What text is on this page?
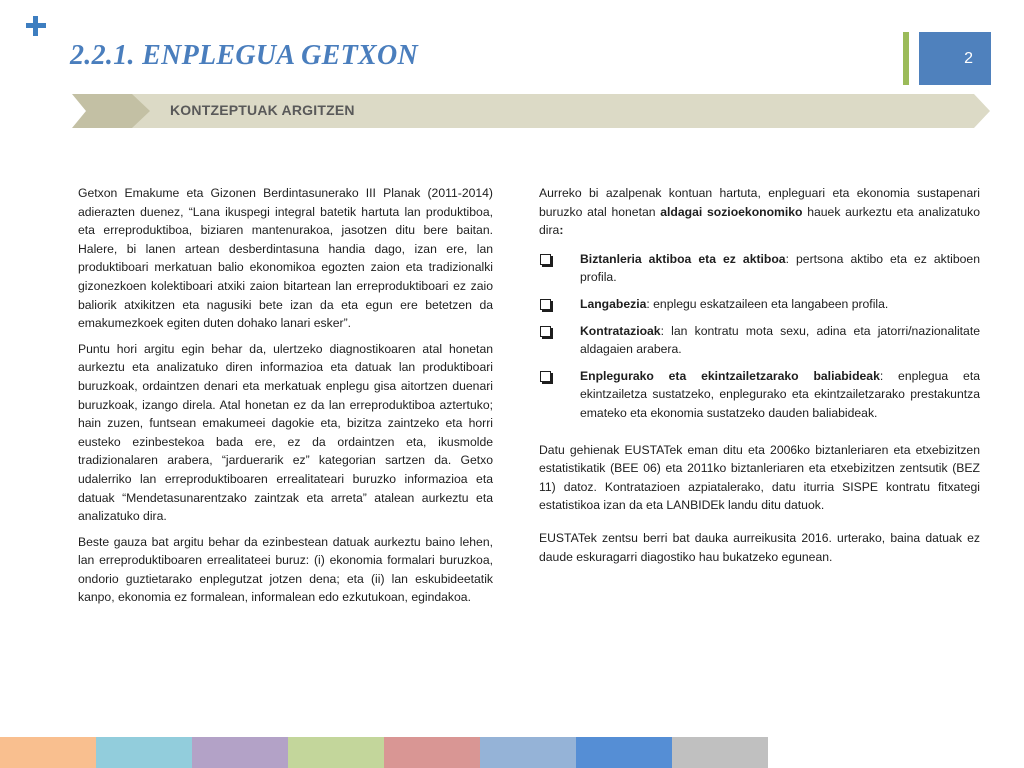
2.2.1. ENPLEGUA GETXON	2
KONTZEPTUAK ARGITZEN

Getxon Emakume eta Gizonen Berdintasunerako III Planak (2011-2014) adierazten duenez, “Lana ikuspegi integral batetik hartuta lan produktiboa, eta erreproduktiboa, biziaren mantenurakoa, jasotzen ditu bere baitan. Halere, bi lanen artean desberdintasuna handia dago, izan ere, lan produktiboari merkatuan balio ekonomikoa egozten zaion eta tradizionalki gizonezkoen kolektiboari atxiki zaion bitartean lan erreproduktiboari ez zaio baliorik atxikitzen eta nagusiki bete izan da eta egun ere betetzen da emakumezkoek egiten duten dohako lanari esker”.

Puntu hori argitu egin behar da, ulertzeko diagnostikoaren atal honetan aurkeztu eta analizatuko diren informazioa eta datuak lan produktiboari buruzkoak, ordaintzen denari eta merkatuak enplegu gisa aitortzen duenari buruzkoak, izango direla. Atal honetan ez da lan erreproduktiboa aztertuko; hain zuzen, funtsean emakumeei dagokie eta, bizitza zaintzeko eta horri eusteko ezinbestekoa bada ere, ez da ordaintzen eta, ikusmolde tradizionalaren arabera, “jarduerarik ez” kategorian sartzen da. Getxo udalerriko lan erreproduktiboaren errealitateari buruzko informazioa eta datuak “Mendetasunarentzako zaintzak eta arreta” atalean aurkeztu eta analizatuko dira.

Beste gauza bat argitu behar da ezinbestean datuak aurkeztu baino lehen, lan erreproduktiboaren errealitateei buruz: (i) ekonomia formalari buruzkoa, ondorio guztietarako enplegutzat jotzen dena; eta (ii) lan eskubideetatik kanpo, ekonomia ez formalean, informalean edo ezkutukoan, egindakoa.

Aurreko bi azalpenak kontuan hartuta, enpleguari eta ekonomia sustapenari buruzko atal honetan aldagai sozioekonomiko hauek aurkeztu eta analizatuko dira:

Biztanleria aktiboa eta ez aktiboa: pertsona aktibo eta ez aktiboen profila.
Langabezia: enplegu eskatzaileen eta langabeen profila.
Kontratazioak: lan kontratu mota sexu, adina eta jatorri/nazionalitate aldagaien arabera.
Enplegurako eta ekintzailetzarako baliabideak: enplegua eta ekintzailetza sustatzeko, enplegurako eta ekintzailetzarako prestakuntza emateko eta ekonomia sustatzeko dauden baliabideak.

Datu gehienak EUSTATek eman ditu eta 2006ko biztanleriaren eta etxebizitzen estatistikatik (BEE 06) eta 2011ko biztanleriaren eta etxebizitzen zentsutik (BEZ 11) datoz. Kontratazioen azpiatalerako, datu iturria SISPE kontratu fitxategi estatistikoa izan da eta LANBIDEk landu ditu datuok.

EUSTATek zentsu berri bat dauka aurreikusita 2016. urterako, baina datuak ez daude eskuragarri diagostiko hau bukatzeko egunean.
